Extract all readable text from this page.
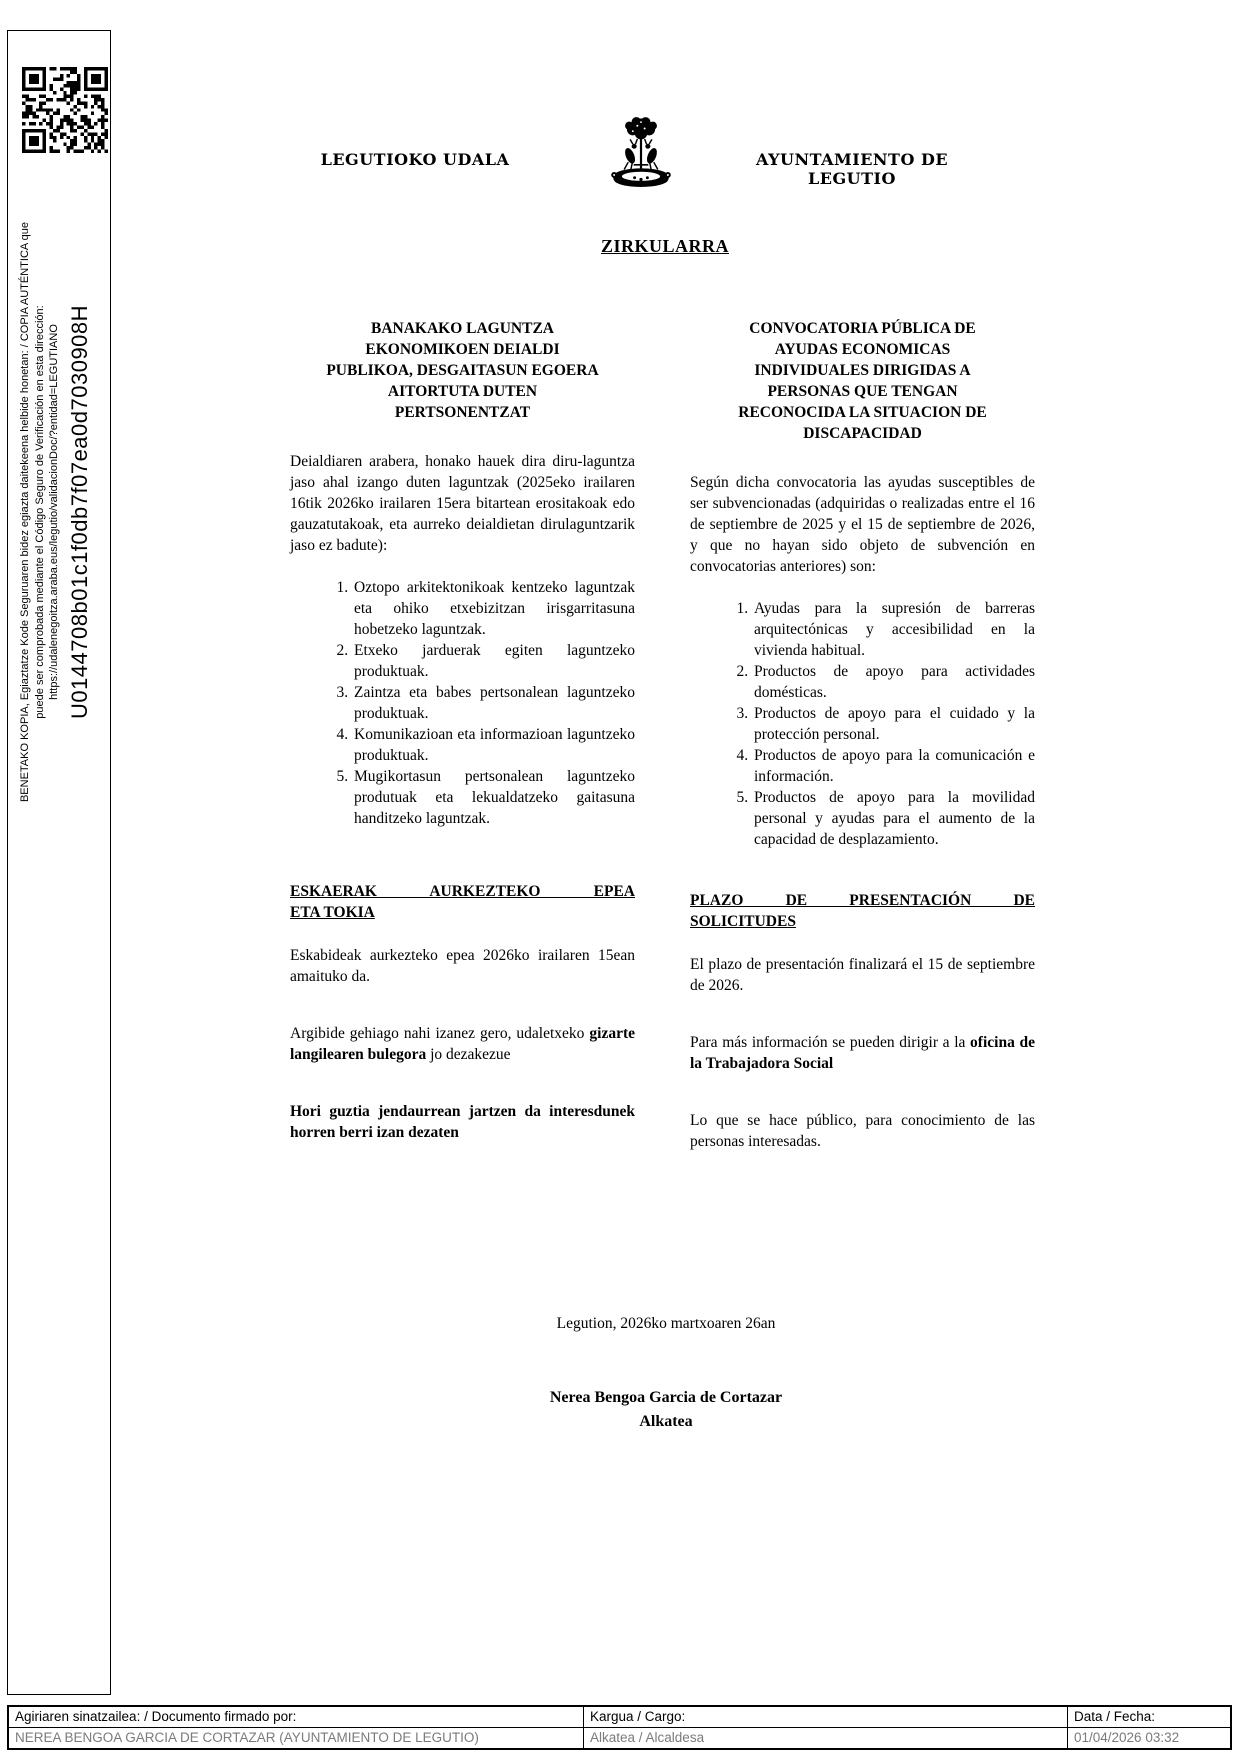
BENETAKO KOPIA, Egiaztatze Kode Seguruaren bidez egiazta daitekeena helbide honetan: / COPIA AUTÉNTICA que puede ser comprobada mediante el Código Seguro de Verificación en esta dirección: https://udalenegoitza.araba.eus/legutio/validacionDoc/?entidad=LEGUTIANO U0144708b01c1f0db7f07ea0d7030908H
LEGUTIOKO UDALA	AYUNTAMIENTO DE LEGUTIO
ZIRKULARRA
BANAKAKO LAGUNTZA
EKONOMIKOEN DEIALDI
PUBLIKOA, DESGAITASUN EGOERA
AITORTUTA DUTEN
PERTSONENTZAT

Deialdiaren arabera, honako hauek dira diru-laguntza jaso ahal izango duten laguntzak (2025eko irailaren 16tik 2026ko irailaren 15era bitartean erositakoak edo gauzatutakoak, eta aurreko deialdietan dirulaguntzarik jaso ez badute):

1. Oztopo arkitektonikoak kentzeko laguntzak eta ohiko etxebizitzan irisgarritasuna hobetzeko laguntzak.
2. Etxeko jarduerak egiten laguntzeko produktuak.
3. Zaintza eta babes pertsonalean laguntzeko produktuak.
4. Komunikazioan eta informazioan laguntzeko produktuak.
5. Mugikortasun pertsonalean laguntzeko produtuak eta lekualdatzeko gaitasuna handitzeko laguntzak.
ESKAERAK AURKEZTEKO EPEA
ETA TOKIA

Eskabideak aurkezteko epea 2026ko irailaren 15ean amaituko da.

Argibide gehiago nahi izanez gero, udaletxeko gizarte langilearen bulegora jo dezakezue

Hori guztia jendaurrean jartzen da interesdunek horren berri izan dezaten

CONVOCATORIA PÚBLICA DE
AYUDAS ECONOMICAS
INDIVIDUALES DIRIGIDAS A
PERSONAS QUE TENGAN
RECONOCIDA LA SITUACION DE
DISCAPACIDAD

Según dicha convocatoria las ayudas susceptibles de ser subvencionadas (adquiridas o realizadas entre el 16 de septiembre de 2025 y el 15 de septiembre de 2026, y que no hayan sido objeto de subvención en convocatorias anteriores) son:

1. Ayudas para la supresión de barreras arquitectónicas y accesibilidad en la vivienda habitual.
2. Productos de apoyo para actividades domésticas.
3. Productos de apoyo para el cuidado y la protección personal.
4. Productos de apoyo para la comunicación e información.
5. Productos de apoyo para la movilidad personal y ayudas para el aumento de la capacidad de desplazamiento.
PLAZO DE PRESENTACIÓN DE
SOLICITUDES

El plazo de presentación finalizará el 15 de septiembre de 2026.

Para más información se pueden dirigir a la oficina de la Trabajadora Social

Lo que se hace público, para conocimiento de las personas interesadas.

Legution, 2026ko martxoaren 26an
Nerea Bengoa Garcia de Cortazar
Alkatea
Agiriaren sinatzailea: / Documento firmado por:	Kargua / Cargo:	Data / Fecha:
NEREA BENGOA GARCIA DE CORTAZAR (AYUNTAMIENTO DE LEGUTIO)	Alkatea / Alcaldesa	01/04/2026 03:32
